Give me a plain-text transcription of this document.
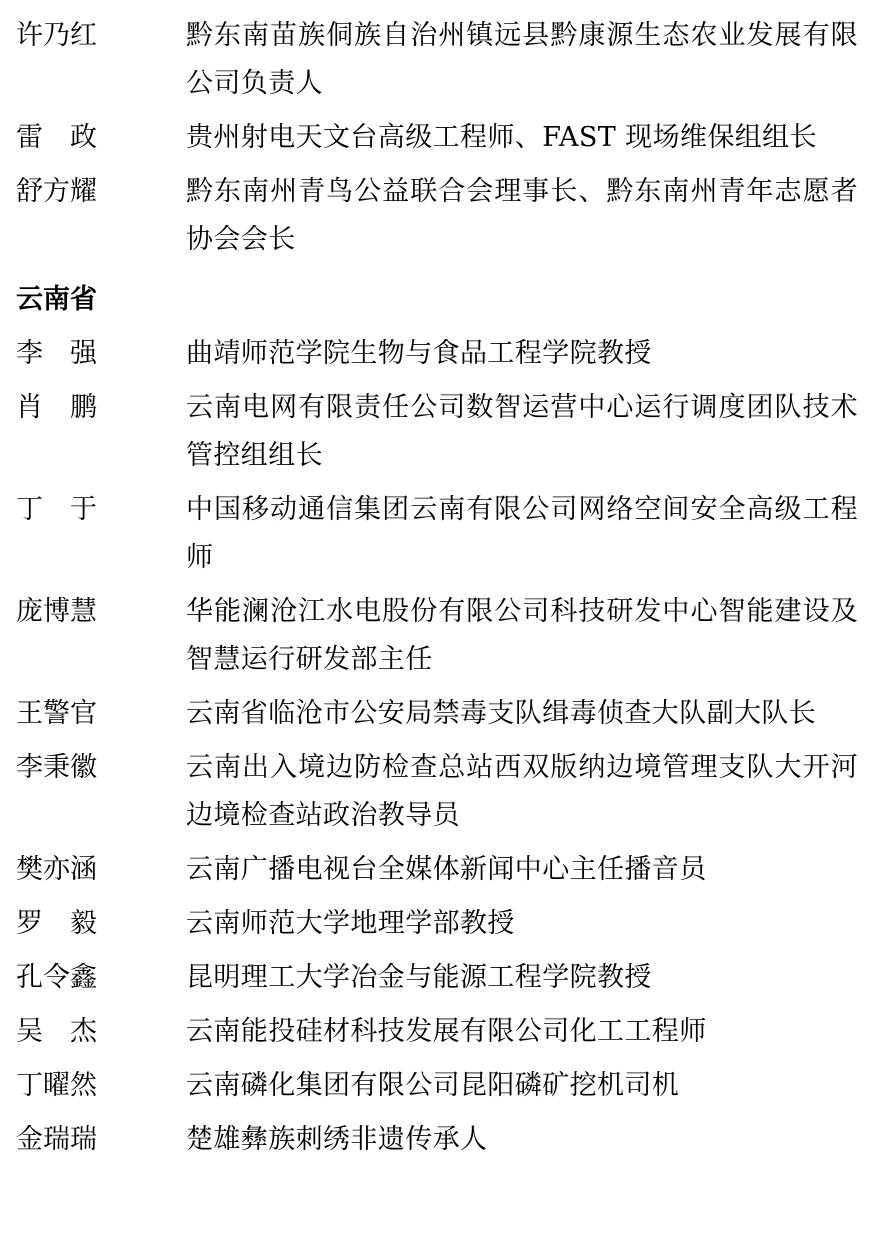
许乃红	黔东南苗族侗族自治州镇远县黔康源生态农业发展有限公司负责人
雷　政	贵州射电天文台高级工程师、FAST 现场维保组组长
舒方耀	黔东南州青鸟公益联合会理事长、黔东南州青年志愿者协会会长
云南省
李　强	曲靖师范学院生物与食品工程学院教授
肖　鹏	云南电网有限责任公司数智运营中心运行调度团队技术管控组组长
丁　于	中国移动通信集团云南有限公司网络空间安全高级工程师
庞博慧	华能澜沧江水电股份有限公司科技研发中心智能建设及智慧运行研发部主任
王警官	云南省临沧市公安局禁毒支队缉毒侦查大队副大队长
李秉徽	云南出入境边防检查总站西双版纳边境管理支队大开河边境检查站政治教导员
樊亦涵	云南广播电视台全媒体新闻中心主任播音员
罗　毅	云南师范大学地理学部教授
孔令鑫	昆明理工大学冶金与能源工程学院教授
吴　杰	云南能投硅材科技发展有限公司化工工程师
丁曜然	云南磷化集团有限公司昆阳磷矿挖机司机
金瑞瑞	楚雄彝族刺绣非遗传承人
